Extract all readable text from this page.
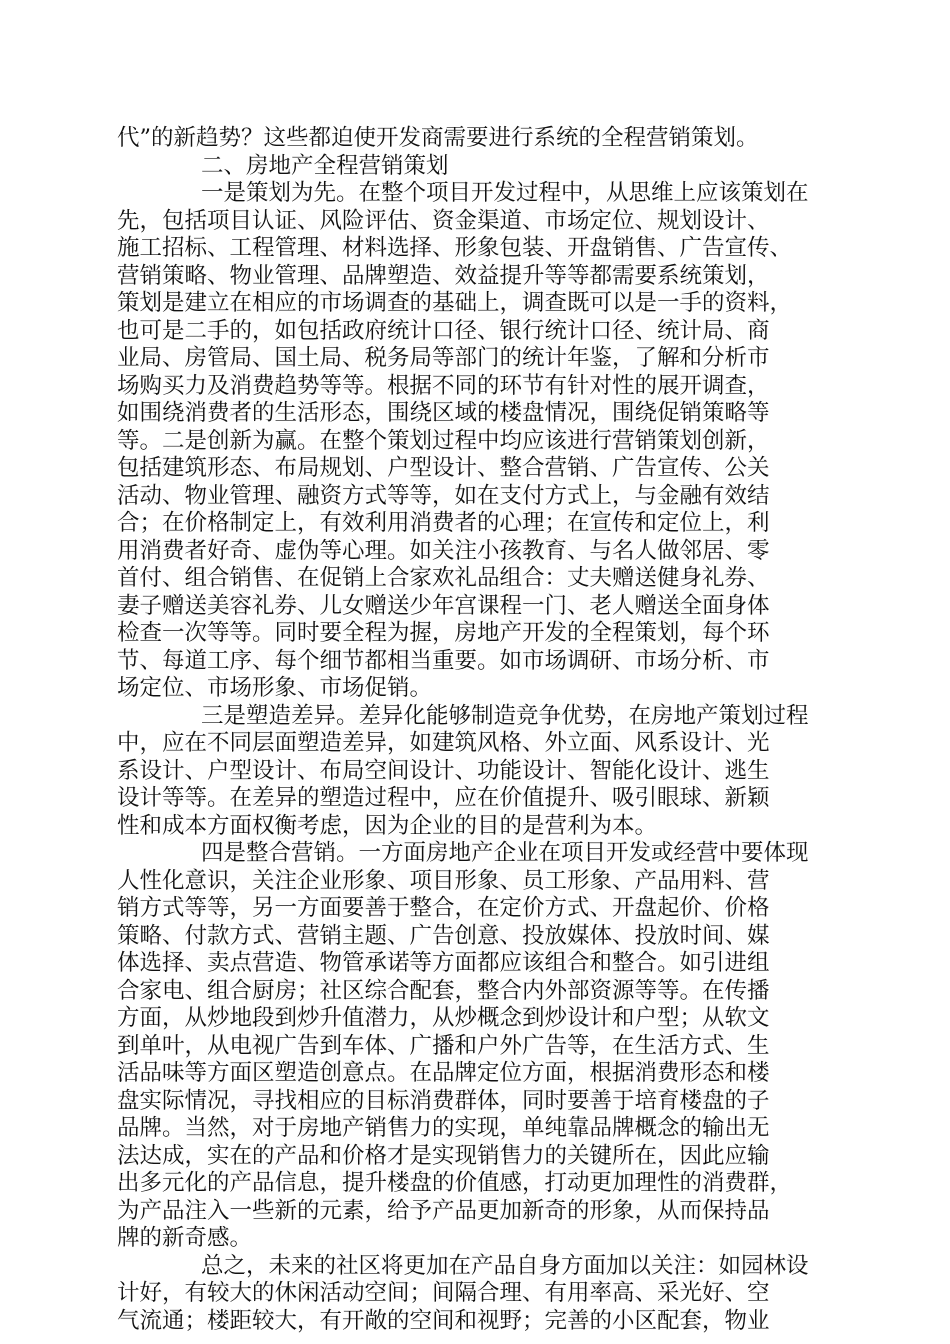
代”的新趋势？这些都迫使开发商需要进行系统的全程营销策划。
二、房地产全程营销策划
一是策划为先。在整个项目开发过程中，从思维上应该策划在
先，包括项目认证、风险评估、资金渠道、市场定位、规划设计、
施工招标、工程管理、材料选择、形象包装、开盘销售、广告宣传、
营销策略、物业管理、品牌塑造、效益提升等等都需要系统策划，
策划是建立在相应的市场调查的基础上，调查既可以是一手的资料，
也可是二手的，如包括政府统计口径、银行统计口径、统计局、商
业局、房管局、国土局、税务局等部门的统计年鉴，了解和分析市
场购买力及消费趋势等等。根据不同的环节有针对性的展开调查，
如围绕消费者的生活形态，围绕区域的楼盘情况，围绕促销策略等
等。二是创新为赢。在整个策划过程中均应该进行营销策划创新，
包括建筑形态、布局规划、户型设计、整合营销、广告宣传、公关
活动、物业管理、融资方式等等，如在支付方式上，与金融有效结
合；在价格制定上，有效利用消费者的心理；在宣传和定位上，利
用消费者好奇、虚伪等心理。如关注小孩教育、与名人做邻居、零
首付、组合销售、在促销上合家欢礼品组合：丈夫赠送健身礼券、
妻子赠送美容礼券、儿女赠送少年宫课程一门、老人赠送全面身体
检查一次等等。同时要全程为握，房地产开发的全程策划，每个环
节、每道工序、每个细节都相当重要。如市场调研、市场分析、市
场定位、市场形象、市场促销。
三是塑造差异。差异化能够制造竞争优势，在房地产策划过程
中，应在不同层面塑造差异，如建筑风格、外立面、风系设计、光
系设计、户型设计、布局空间设计、功能设计、智能化设计、逃生
设计等等。在差异的塑造过程中，应在价值提升、吸引眼球、新颖
性和成本方面权衡考虑，因为企业的目的是营利为本。
四是整合营销。一方面房地产企业在项目开发或经营中要体现
人性化意识，关注企业形象、项目形象、员工形象、产品用料、营
销方式等等，另一方面要善于整合，在定价方式、开盘起价、价格
策略、付款方式、营销主题、广告创意、投放媒体、投放时间、媒
体选择、卖点营造、物管承诺等方面都应该组合和整合。如引进组
合家电、组合厨房；社区综合配套，整合内外部资源等等。在传播
方面，从炒地段到炒升值潜力，从炒概念到炒设计和户型；从软文
到单叶，从电视广告到车体、广播和户外广告等，在生活方式、生
活品味等方面区塑造创意点。在品牌定位方面，根据消费形态和楼
盘实际情况，寻找相应的目标消费群体，同时要善于培育楼盘的子
品牌。当然，对于房地产销售力的实现，单纯靠品牌概念的输出无
法达成，实在的产品和价格才是实现销售力的关键所在，因此应输
出多元化的产品信息，提升楼盘的价值感，打动更加理性的消费群，
为产品注入一些新的元素，给予产品更加新奇的形象，从而保持品
牌的新奇感。
总之，未来的社区将更加在产品自身方面加以关注：如园林设
计好，有较大的休闲活动空间；间隔合理、有用率高、采光好、空
气流通；楼距较大，有开敞的空间和视野；完善的小区配套，物业
